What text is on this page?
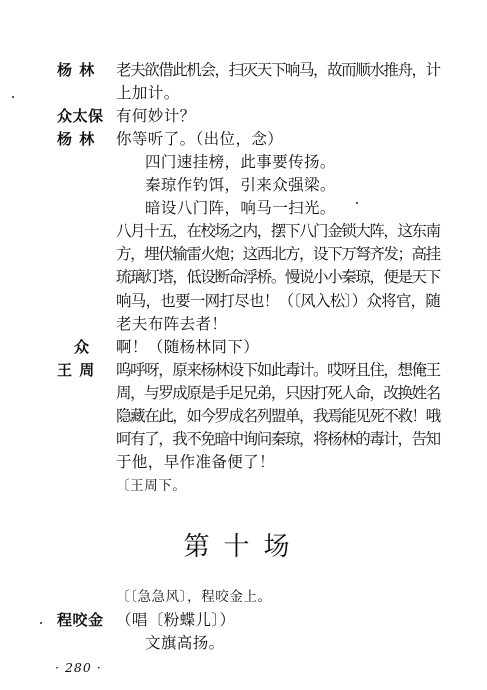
杨 林
众太保
杨 林
众
王 周
程咬金
老夫欲借此机会，扫灭天下响马，故而顺水推舟，计
上加计。
有何妙计？
你等听了。（出位，念）
四门速挂榜，此事要传扬。
秦琼作钓饵，引来众强梁。
暗设八门阵，响马一扫光。
八月十五，在校场之内，摆下八门金锁大阵，这东南
方，埋伏输雷火炮；这西北方，设下万弩齐发；高挂
琉璃灯塔，低设断命浮桥。慢说小小秦琼，便是天下
响马，也要一网打尽也！（〔风入松〕）众将官，随
老夫布阵去者！
啊！（随杨林同下）
呜呼呀，原来杨林设下如此毒计。哎呀且住，想俺王
周，与罗成原是手足兄弟，只因打死人命，改换姓名
隐藏在此，如今罗成名列盟单，我焉能见死不救！哦
呵有了，我不免暗中询问秦琼，将杨林的毒计，告知
于他，早作准备便了！
〔王周下。
第十场
〔〔急急风〕，程咬金上。
（唱〔粉蝶儿〕）
文旗高扬。
· 280 ·
